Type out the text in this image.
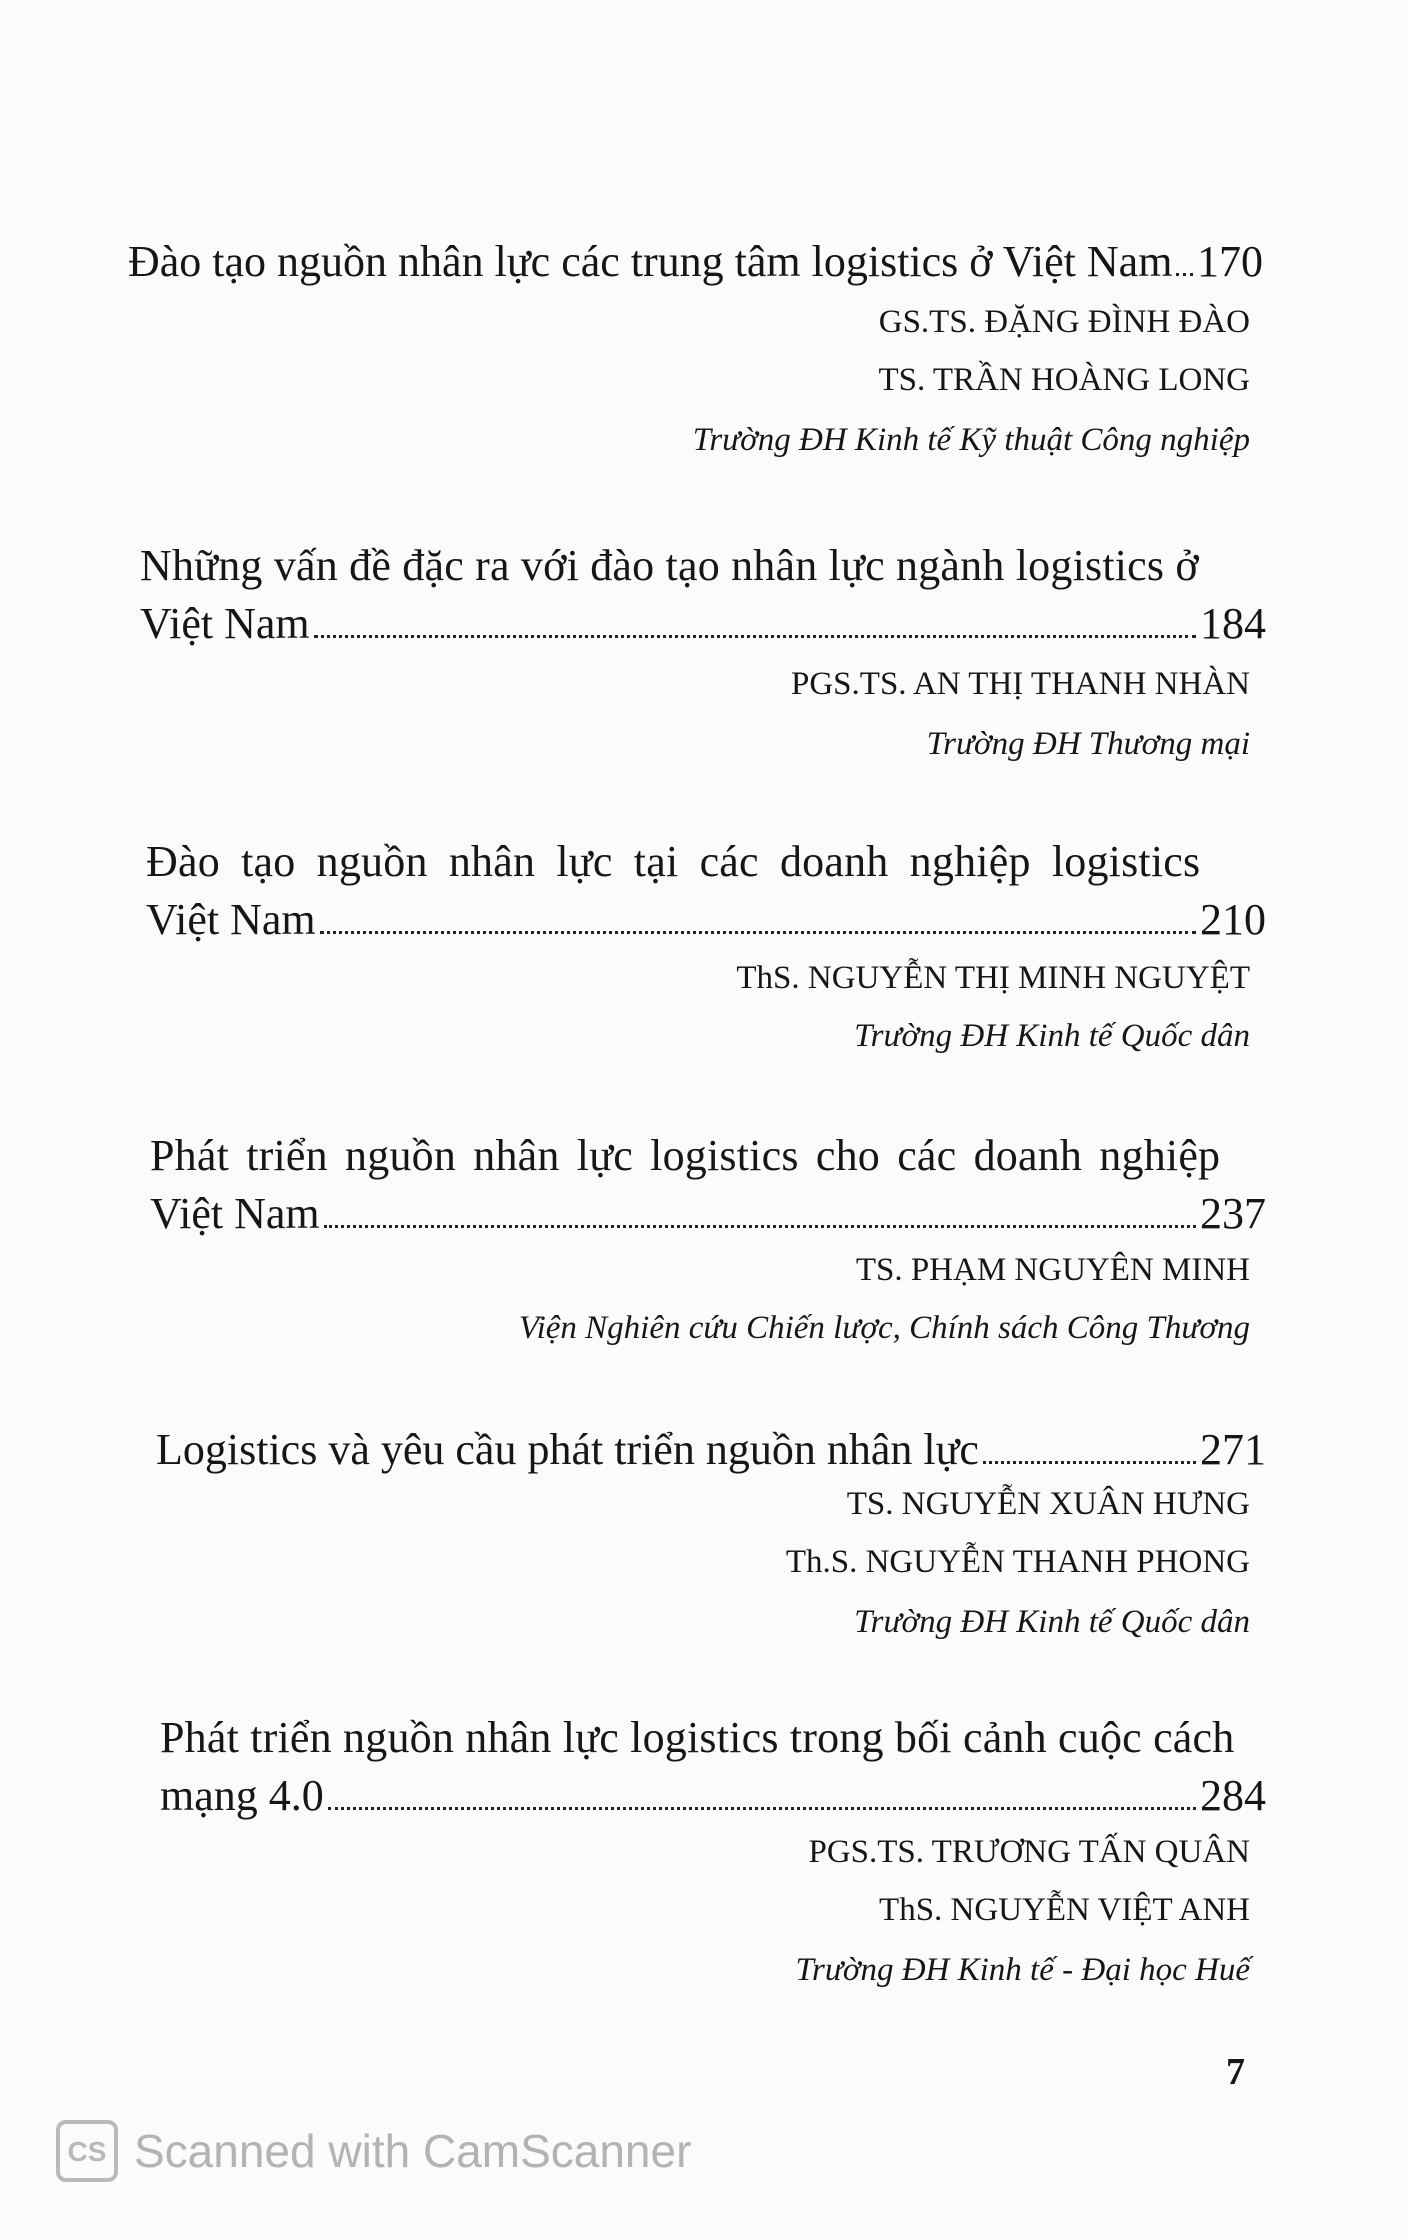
Đào tạo nguồn nhân lực các trung tâm logistics ở Việt Nam 170
GS.TS. ĐẶNG ĐÌNH ĐÀO
TS. TRẦN HOÀNG LONG
Trường ĐH Kinh tế Kỹ thuật Công nghiệp
Những vấn đề đặc ra với đào tạo nhân lực ngành logistics ở
Việt Nam	184
PGS.TS. AN THỊ THANH NHÀN
Trường ĐH Thương mại
Đào tạo nguồn nhân lực tại các doanh nghiệp logistics
Việt Nam	210
ThS. NGUYỄN THỊ MINH NGUYỆT
Trường ĐH Kinh tế Quốc dân
Phát triển nguồn nhân lực logistics cho các doanh nghiệp
Việt Nam	237
TS. PHẠM NGUYÊN MINH
Viện Nghiên cứu Chiến lược, Chính sách Công Thương
Logistics và yêu cầu phát triển nguồn nhân lực	271
TS. NGUYỄN XUÂN HƯNG
Th.S. NGUYỄN THANH PHONG
Trường ĐH Kinh tế Quốc dân
Phát triển nguồn nhân lực logistics trong bối cảnh cuộc cách
mạng 4.0	284
PGS.TS. TRƯƠNG TẤN QUÂN
ThS. NGUYỄN VIỆT ANH
Trường ĐH Kinh tế - Đại học Huế
7
CS Scanned with CamScanner
